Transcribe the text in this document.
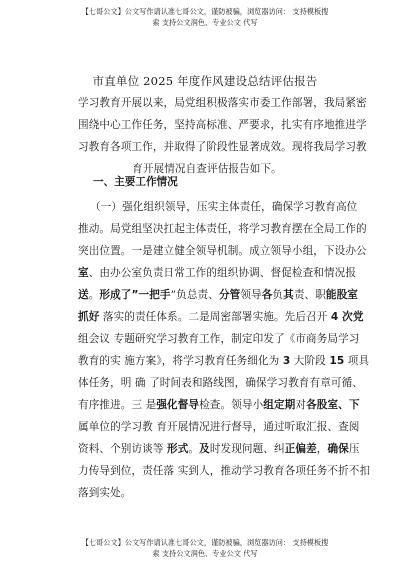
【七哥公文】公文写作请认准七哥公文，谨防被骗，浏览器访问： 支持模板搜
索 支持公文润色、专业公文 代写
市直单位 2025 年度作风建设总结评估报告
学习教育开展以来，局党组积极落实市委工作部署，我局紧密
围绕中心工作任务，坚持高标准、严要求，扎实有序地推进学
习教育各项工作，并取得了阶段性显著成效。现将我局学习教
育开展情况自查评估报告如下。
一、主要工作情况
（一）强化组织领导，压实主体责任，确保学习教育高位
推动。局党组坚决扛起主体责任，将学习教育摆在全局工作的
突出位置。一是建立健全领导机制。成立领导小组，下设办公
室、由办公室负责日常工作的组织协调、督促检查和情况报
送。形成了”一把手”负总责、分管领导各负其责、职能股室
抓好 落实的责任体系。二是周密部署实施。先后召开 4 次党
组会议 专题研究学习教育工作，制定印发了《市商务局学习
教育的实 施方案》，将学习教育任务细化为 3 大阶段 15 项具
体任务，明 确 了时间表和路线图，确保学习教育有章可循、
有序推进。三 是强化督导检查。领导小组定期对各股室、下
属单位的学习教 育开展情况进行督导，通过听取汇报、查阅
资料、个别访谈等 形式。及时发现问题、纠正偏差，确保压
力传导到位，责任落 实到人，推动学习教育各项任务不折不扣
落到实处。
【七哥公文】公文写作请认准七哥公文，谨防被骗，浏览器访问： 支持模板搜
索 支持公文润色、专业公文 代写
